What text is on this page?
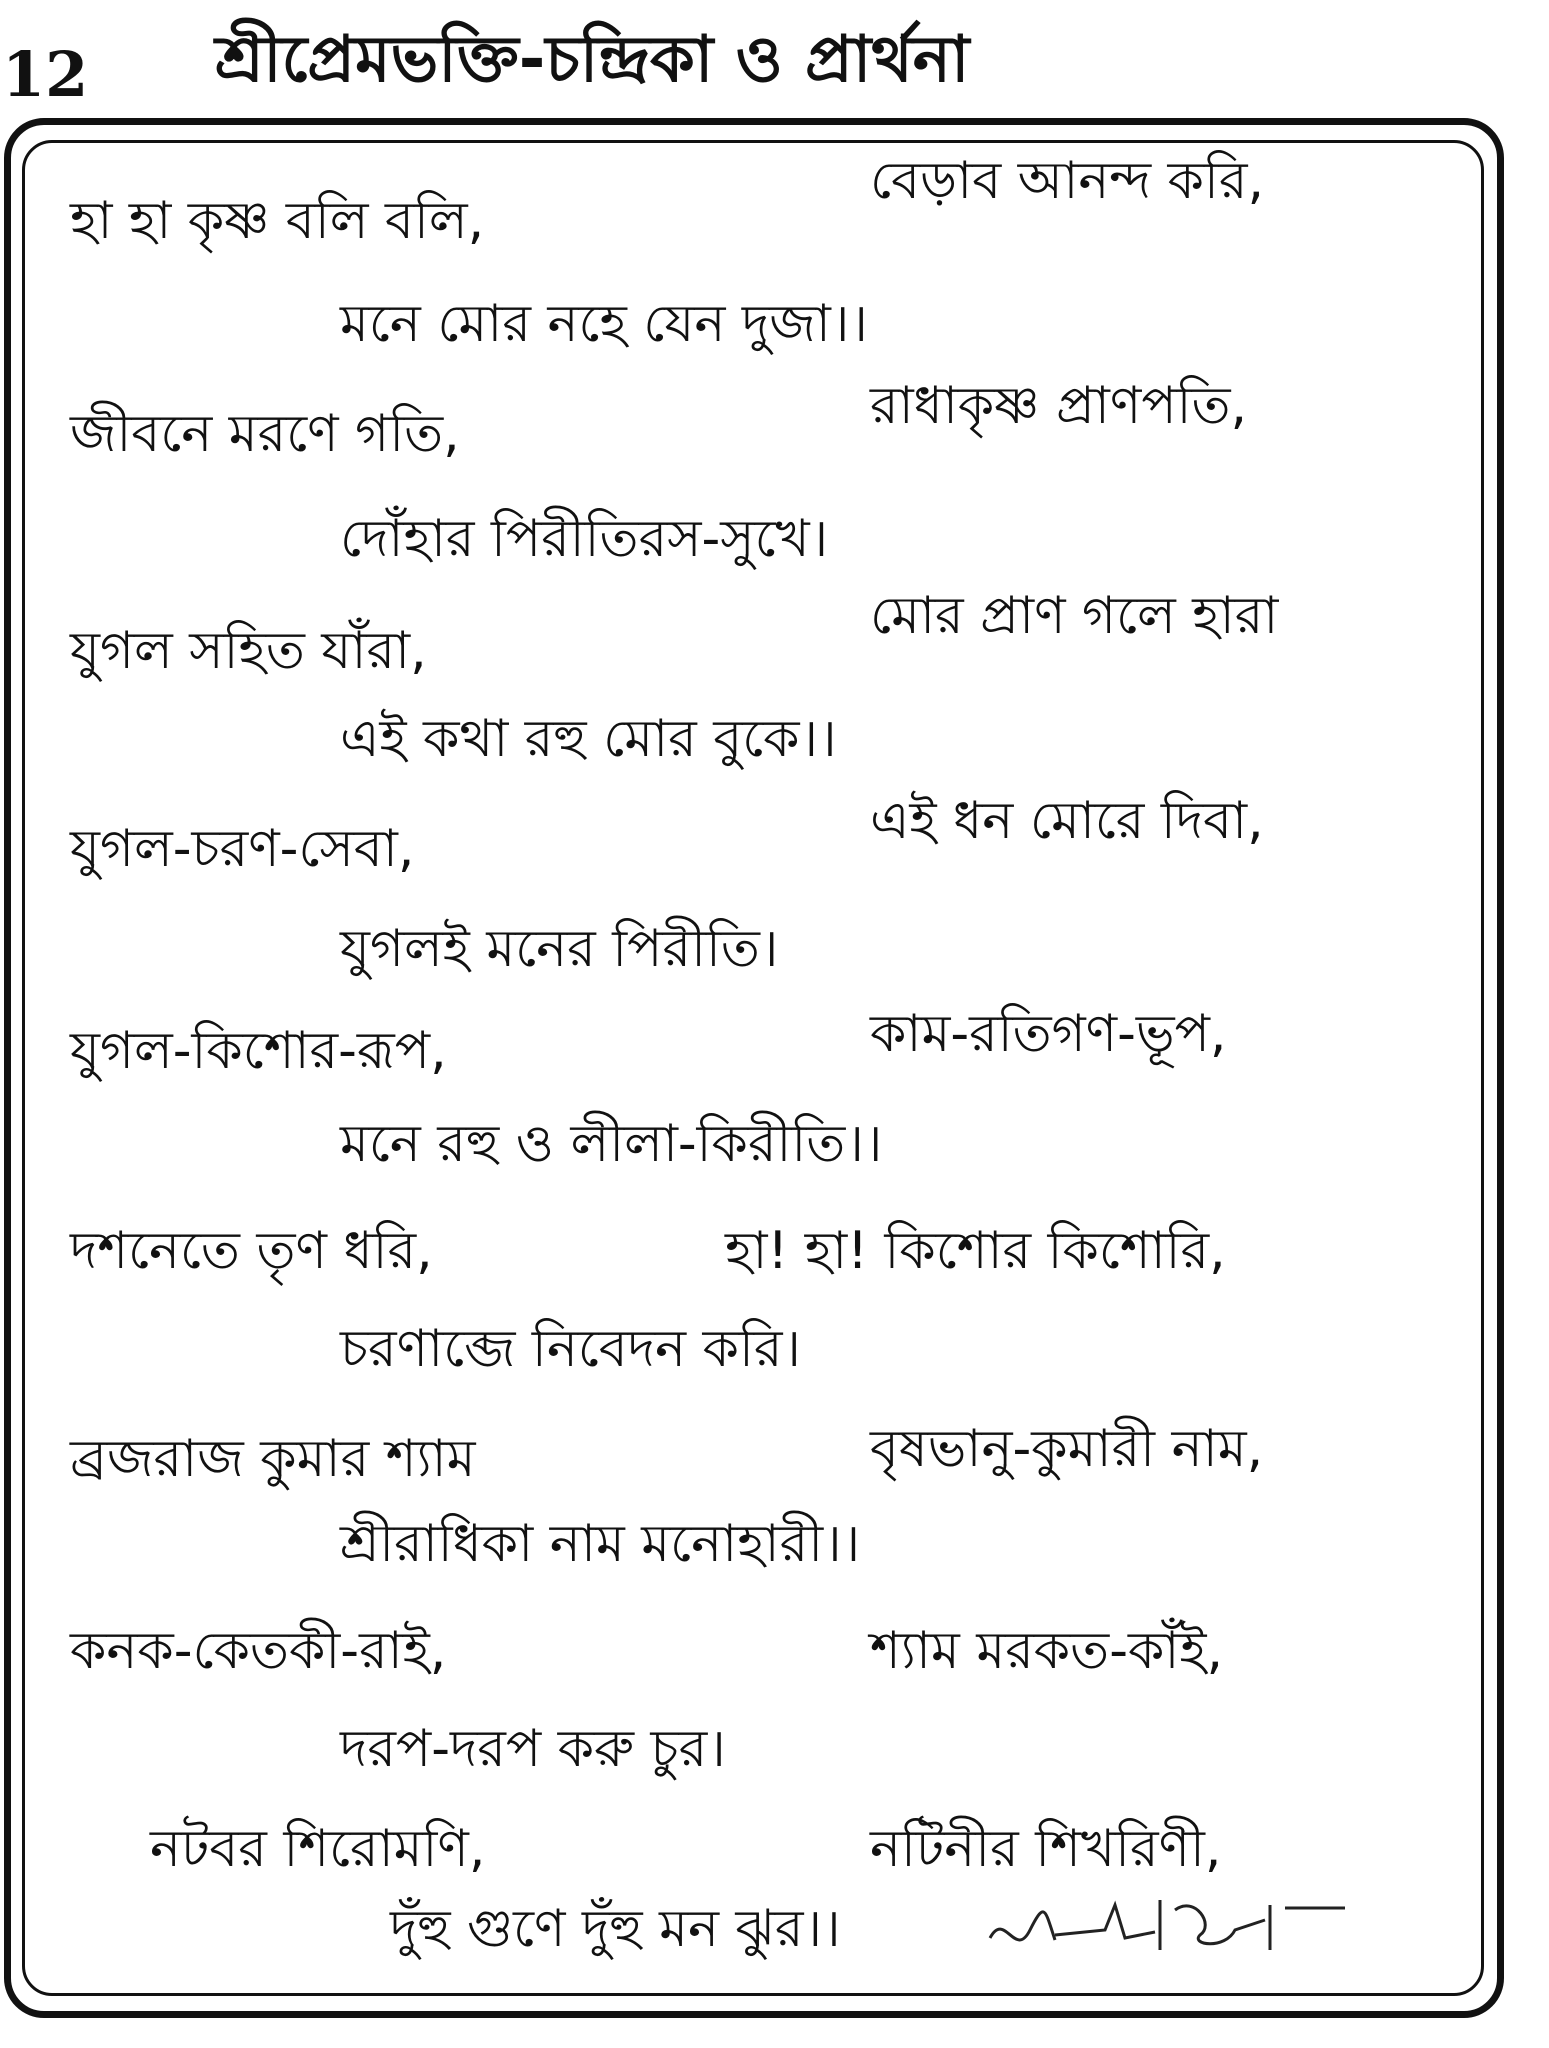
12 শ্রীপ্রেমভক্তি-চন্দ্রিকা ও প্রার্থনা
হা হা কৃষ্ণ বলি বলি,
বেড়াব আনন্দ করি,
মনে মোর নহে যেন দুজা।।
জীবনে মরণে গতি,	রাধাকৃষ্ণ প্রাণপতি,
দোঁহার পিরীতিরস-সুখে।
যুগল সহিত যাঁরা,
মোর প্রাণ গলে হারা
এই কথা রহু মোর বুকে।।
যুগল-চরণ-সেবা,	এই ধন মোরে দিবা,
যুগলই মনের পিরীতি।
যুগল-কিশোর-রূপ,	কাম-রতিগণ-ভূপ,
মনে রহু ও লীলা-কিরীতি।।
দশনেতে তৃণ ধরি,	হা! হা! কিশোর কিশোরি,
চরণাব্জে নিবেদন করি।
ব্রজরাজ কুমার শ্যাম	বৃষভানু-কুমারী নাম,
শ্রীরাধিকা নাম মনোহারী।।
কনক-কেতকী-রাই,	শ্যাম মরকত-কাঁই,
দরপ-দরপ করু চুর।
নটবর শিরোমণি,	নটিনীর শিখরিণী,
দুঁহু গুণে দুঁহু মন ঝুর।।
